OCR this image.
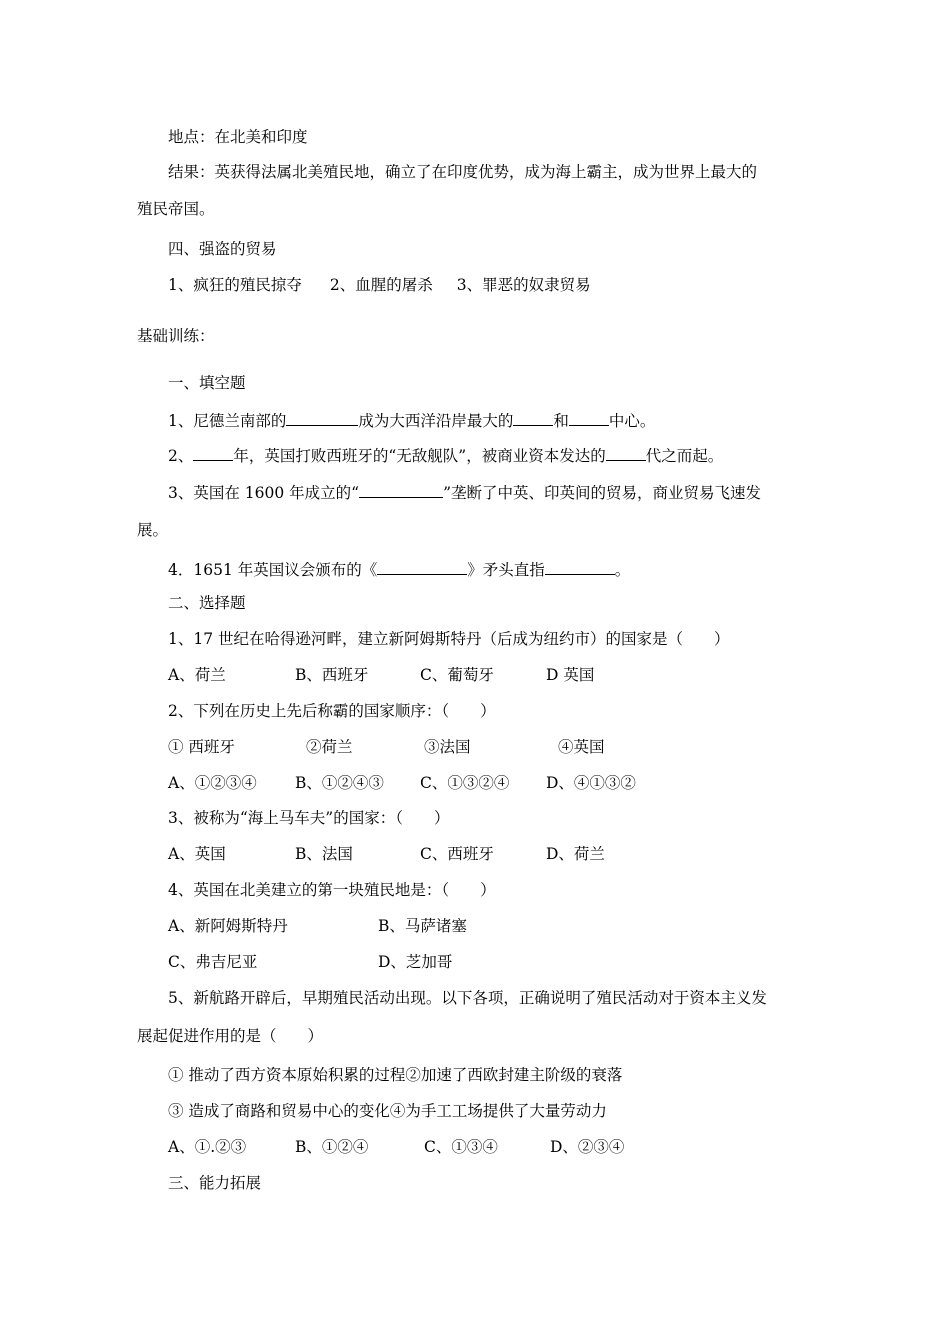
地点：在北美和印度
结果：英获得法属北美殖民地，确立了在印度优势，成为海上霸主，成为世界上最大的
殖民帝国。
四、强盗的贸易
1、疯狂的殖民掠夺 2、血腥的屠杀 3、罪恶的奴隶贸易
基础训练：
一、填空题
1、尼德兰南部的	成为大西洋沿岸最大的	和	中心。
2、	年，英国打败西班牙的“无敌舰队”，被商业资本发达的	代之而起。
3、英国在 1600 年成立的“	”垄断了中英、印英间的贸易，商业贸易飞速发
展。
4．1651 年英国议会颁布的《	》矛头直指	。
二、选择题
1、17 世纪在哈得逊河畔，建立新阿姆斯特丹（后成为纽约市）的国家是（　　）
A、荷兰	B、西班牙	C、葡萄牙	D 英国
2、下列在历史上先后称霸的国家顺序：（　　）
① 西班牙	②荷兰	③法国	④英国
A、①②③④ B、①②④③ C、①③②④ D、④①③②
3、被称为“海上马车夫”的国家：（　　）
A、英国	B、法国	C、西班牙	D、荷兰
4、英国在北美建立的第一块殖民地是：（　　）
A、新阿姆斯特丹	B、马萨诸塞
C、弗吉尼亚	D、芝加哥
5、新航路开辟后，早期殖民活动出现。以下各项，正确说明了殖民活动对于资本主义发
展起促进作用的是（　　）
① 推动了西方资本原始积累的过程②加速了西欧封建主阶级的衰落
③ 造成了商路和贸易中心的变化④为手工工场提供了大量劳动力
A、①.②③	B、①②④	C、①③④	D、②③④
三、能力拓展
